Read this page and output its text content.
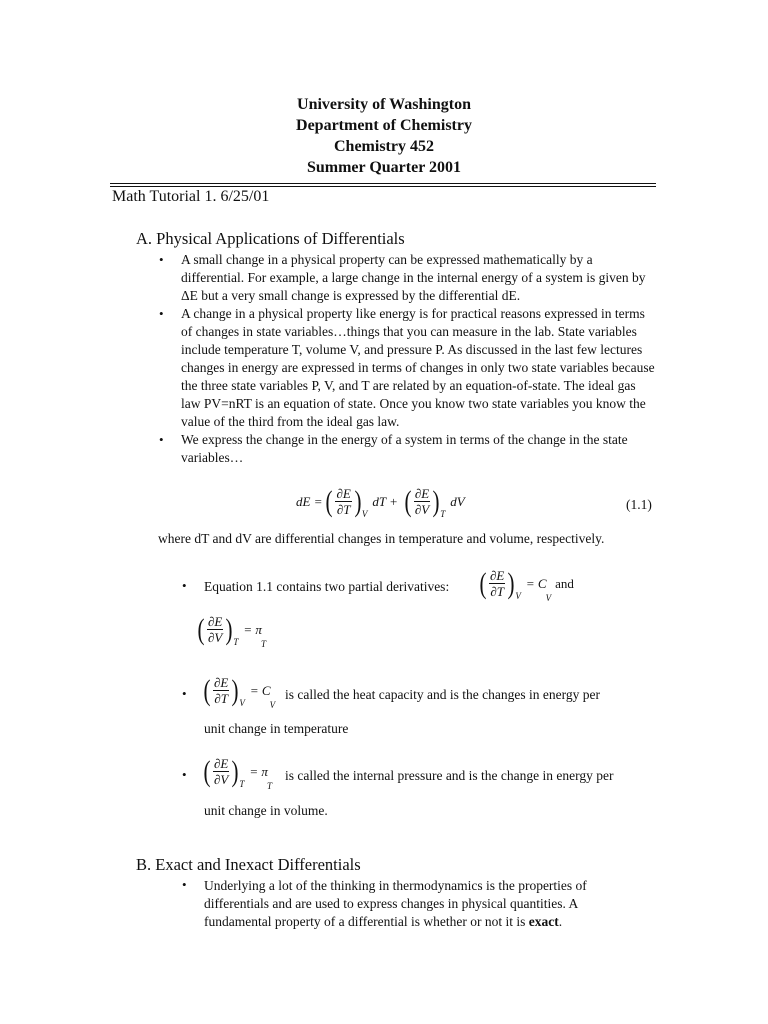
University of Washington
Department of Chemistry
Chemistry 452
Summer Quarter 2001
Math Tutorial 1. 6/25/01
A. Physical Applications of Differentials
• A small change in a physical property can be expressed mathematically by a differential. For example, a large change in the internal energy of a system is given by ΔE but a very small change is expressed by the differential dE.
• A change in a physical property like energy is for practical reasons expressed in terms of changes in state variables…things that you can measure in the lab. State variables include temperature T, volume V, and pressure P. As discussed in the last few lectures changes in energy are expressed in terms of changes in only two state variables because the three state variables P, V, and T are related by an equation-of-state. The ideal gas law PV=nRT is an equation of state. Once you know two state variables you know the value of the third from the ideal gas law.
• We express the change in the energy of a system in terms of the change in the state variables…
dE = ( $\frac{\partial E}{\partial T}$ ) V
dT + ( $\frac{\partial E}{\partial V}$ ) T
dV	(1.1)
where dT and dV are differential changes in temperature and volume, respectively.
• Equation 1.1 contains two partial derivatives: ( $\frac{\partial E}{\partial T}$ ) V
= C
V
and
( $\frac{\partial E}{\partial V}$ ) T
= π
T
• ( $\frac{\partial E}{\partial T}$ ) V
= C
V
is called the heat capacity and is the changes in energy per
unit change in temperature
• ( $\frac{\partial E}{\partial V}$ ) T
= π
T
is called the internal pressure and is the change in energy per
unit change in volume.
B. Exact and Inexact Differentials
• Underlying a lot of the thinking in thermodynamics is the properties of differentials and are used to express changes in physical quantities. A fundamental property of a differential is whether or not it is exact.
